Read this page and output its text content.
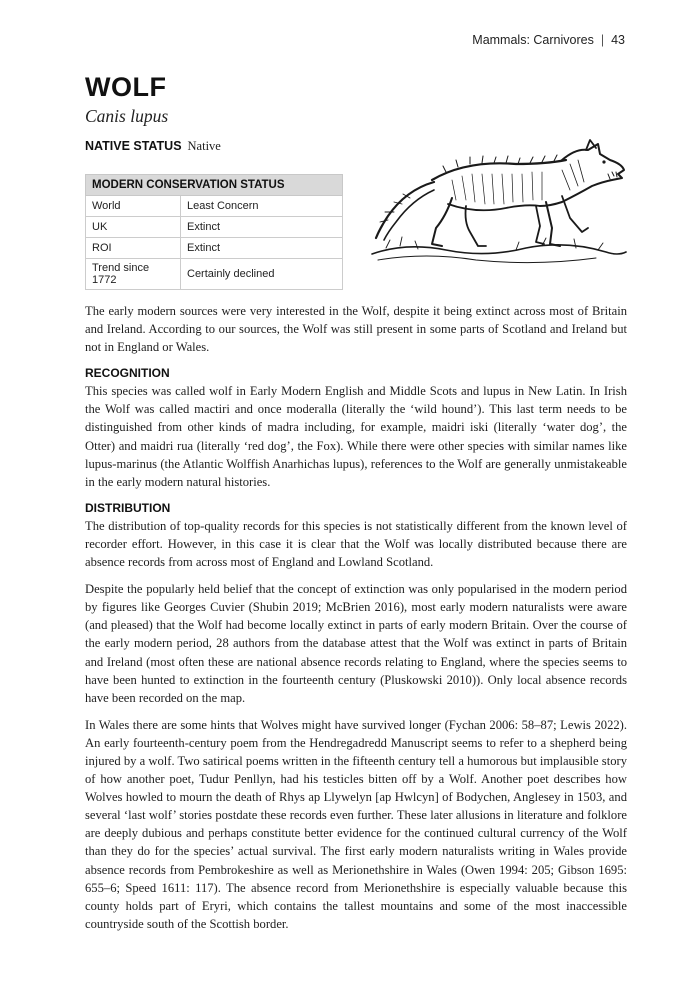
Mammals: Carnivores | 43
WOLF
Canis lupus
NATIVE STATUS Native
MODERN CONSERVATION STATUS	
World	Least Concern
UK	Extinct
ROI	Extinct
Trend since 1772	Certainly declined

The early modern sources were very interested in the Wolf, despite it being extinct across most of Britain and Ireland. According to our sources, the Wolf was still present in some parts of Scotland and Ireland but not in England or Wales.

RECOGNITION

This species was called wolf in Early Modern English and Middle Scots and lupus in New Latin. In Irish the Wolf was called mactiri and once moderalla (literally the ‘wild hound’). This last term needs to be distinguished from other kinds of madra including, for example, maidri iski (literally ‘water dog’, the Otter) and maidri rua (literally ‘red dog’, the Fox). While there were other species with similar names like lupus-marinus (the Atlantic Wolffish Anarhichas lupus), references to the Wolf are generally unmistakeable in the early modern natural histories.

DISTRIBUTION

The distribution of top-quality records for this species is not statistically different from the known level of recorder effort. However, in this case it is clear that the Wolf was locally distributed because there are absence records from across most of England and Lowland Scotland.

Despite the popularly held belief that the concept of extinction was only popularised in the modern period by figures like Georges Cuvier (Shubin 2019; McBrien 2016), most early modern naturalists were aware (and pleased) that the Wolf had become locally extinct in parts of early modern Britain. Over the course of the early modern period, 28 authors from the database attest that the Wolf was extinct in parts of Britain and Ireland (most often these are national absence records relating to England, where the species seems to have been hunted to extinction in the fourteenth century (Pluskowski 2010)). Only local absence records have been recorded on the map.

In Wales there are some hints that Wolves might have survived longer (Fychan 2006: 58–87; Lewis 2022). An early fourteenth-century poem from the Hendregadredd Manuscript seems to refer to a shepherd being injured by a wolf. Two satirical poems written in the fifteenth century tell a humorous but implausible story of how another poet, Tudur Penllyn, had his testicles bitten off by a Wolf. Another poet describes how Wolves howled to mourn the death of Rhys ap Llywelyn [ap Hwlcyn] of Bodychen, Anglesey in 1503, and several ‘last wolf’ stories postdate these records even further. These later allusions in literature and folklore are deeply dubious and perhaps constitute better evidence for the continued cultural currency of the Wolf than they do for the species’ actual survival. The first early modern naturalists writing in Wales provide absence records from Pembrokeshire as well as Merionethshire in Wales (Owen 1994: 205; Gibson 1695: 655–6; Speed 1611: 117). The absence record from Merionethshire is especially valuable because this county holds part of Eryri, which contains the tallest mountains and some of the most inaccessible countryside south of the Scottish border.
